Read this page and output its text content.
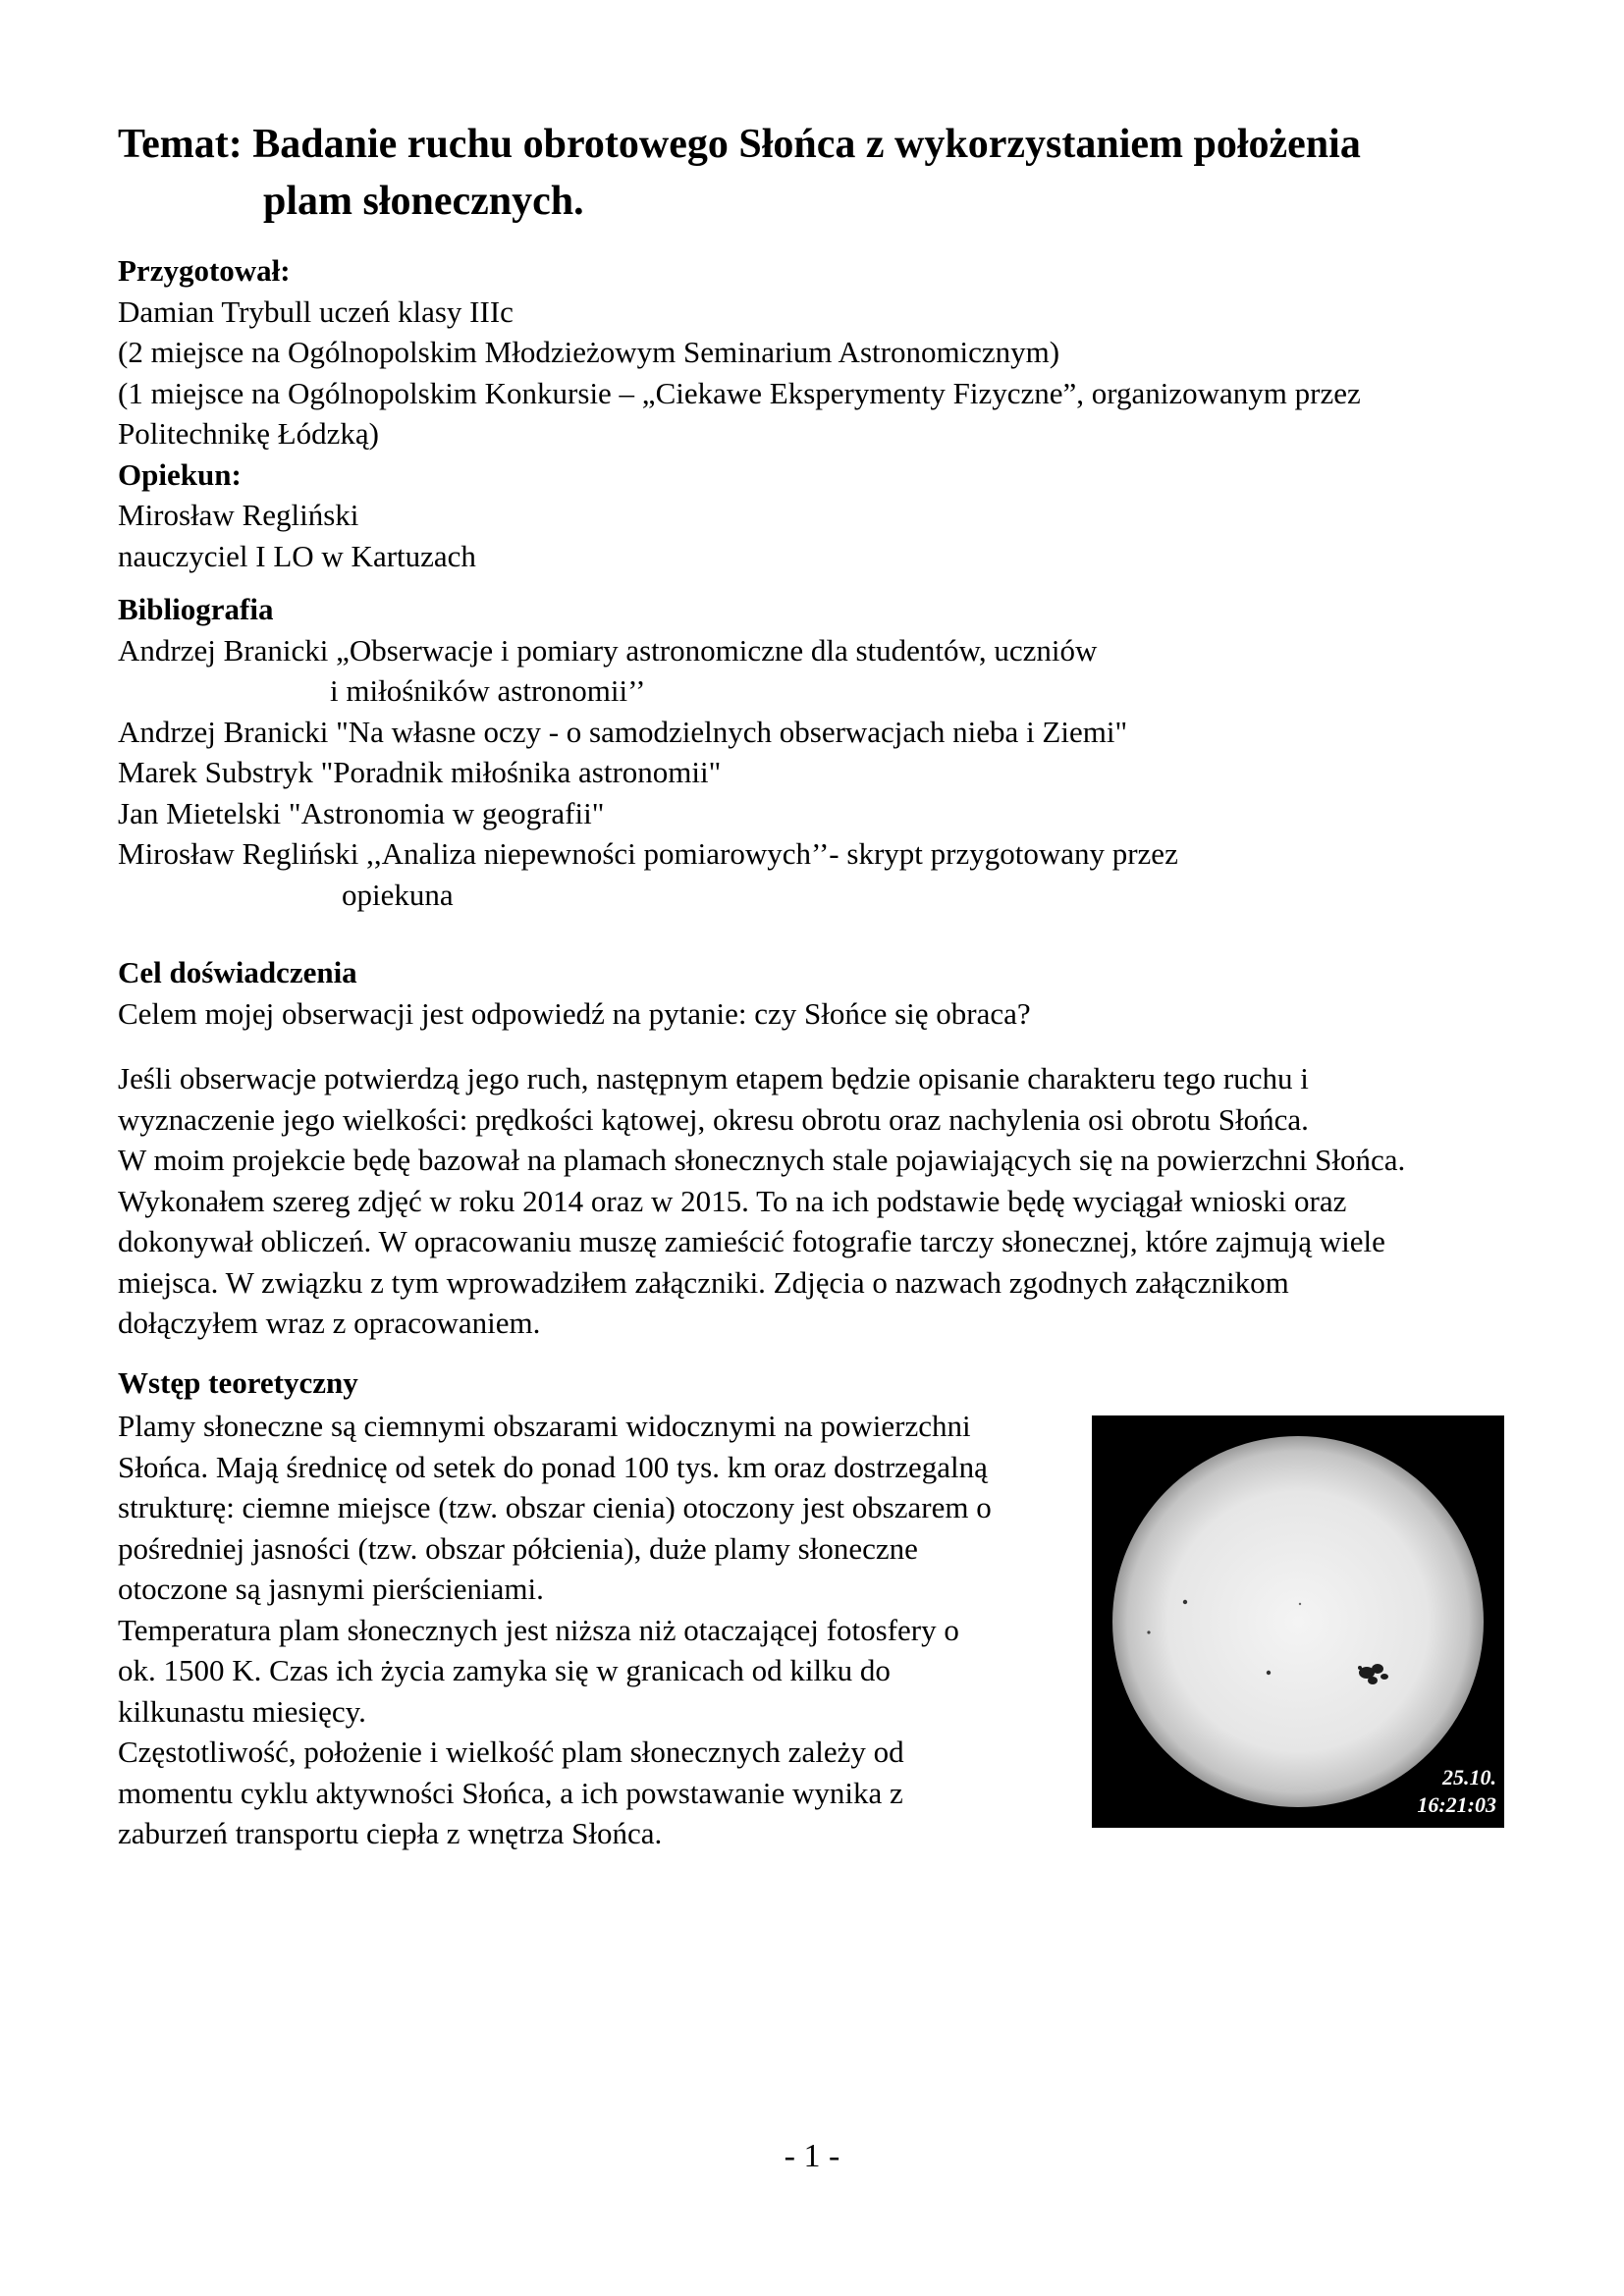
Temat: Badanie ruchu obrotowego Słońca z wykorzystaniem położenia
plam słonecznych.

Przygotował:

Damian Trybull uczeń klasy IIIc

(2 miejsce na Ogólnopolskim Młodzieżowym Seminarium Astronomicznym)

(1 miejsce na Ogólnopolskim Konkursie – „Ciekawe Eksperymenty Fizyczne”, organizowanym przez

Politechnikę Łódzką)

Opiekun:

Mirosław Regliński

nauczyciel I LO w Kartuzach

Bibliografia

Andrzej Branicki „Obserwacje i pomiary astronomiczne dla studentów, uczniów

i miłośników astronomii’’

Andrzej Branicki "Na własne oczy - o samodzielnych obserwacjach nieba i Ziemi"

Marek Substryk "Poradnik miłośnika astronomii"

Jan Mietelski "Astronomia w geografii"

Mirosław Regliński ,,Analiza niepewności pomiarowych’’- skrypt przygotowany przez

opiekuna

Cel doświadczenia

Celem mojej obserwacji jest odpowiedź na pytanie: czy Słońce się obraca?

Jeśli obserwacje potwierdzą jego ruch, następnym etapem będzie opisanie charakteru tego ruchu i

wyznaczenie jego wielkości: prędkości kątowej, okresu obrotu oraz nachylenia osi obrotu Słońca.

W moim projekcie będę bazował na plamach słonecznych stale pojawiających się na powierzchni Słońca.

Wykonałem szereg zdjęć w roku 2014 oraz w 2015. To na ich podstawie będę wyciągał wnioski oraz

dokonywał obliczeń. W opracowaniu muszę zamieścić fotografie tarczy słonecznej, które zajmują wiele

miejsca. W związku z tym wprowadziłem załączniki. Zdjęcia o nazwach zgodnych załącznikom

dołączyłem wraz z opracowaniem.

Wstęp teoretyczny

Plamy słoneczne są ciemnymi obszarami widocznymi na powierzchni

Słońca. Mają średnicę od setek do ponad 100 tys. km oraz dostrzegalną

strukturę: ciemne miejsce (tzw. obszar cienia) otoczony jest obszarem o

pośredniej jasności (tzw. obszar półcienia), duże plamy słoneczne

otoczone są jasnymi pierścieniami.

Temperatura plam słonecznych jest niższa niż otaczającej fotosfery o

ok. 1500 K. Czas ich życia zamyka się w granicach od kilku do

kilkunastu miesięcy.

Częstotliwość, położenie i wielkość plam słonecznych zależy od

momentu cyklu aktywności Słońca, a ich powstawanie wynika z

zaburzeń transportu ciepła z wnętrza Słońca.

25.10.
16:21:03
- 1 -
